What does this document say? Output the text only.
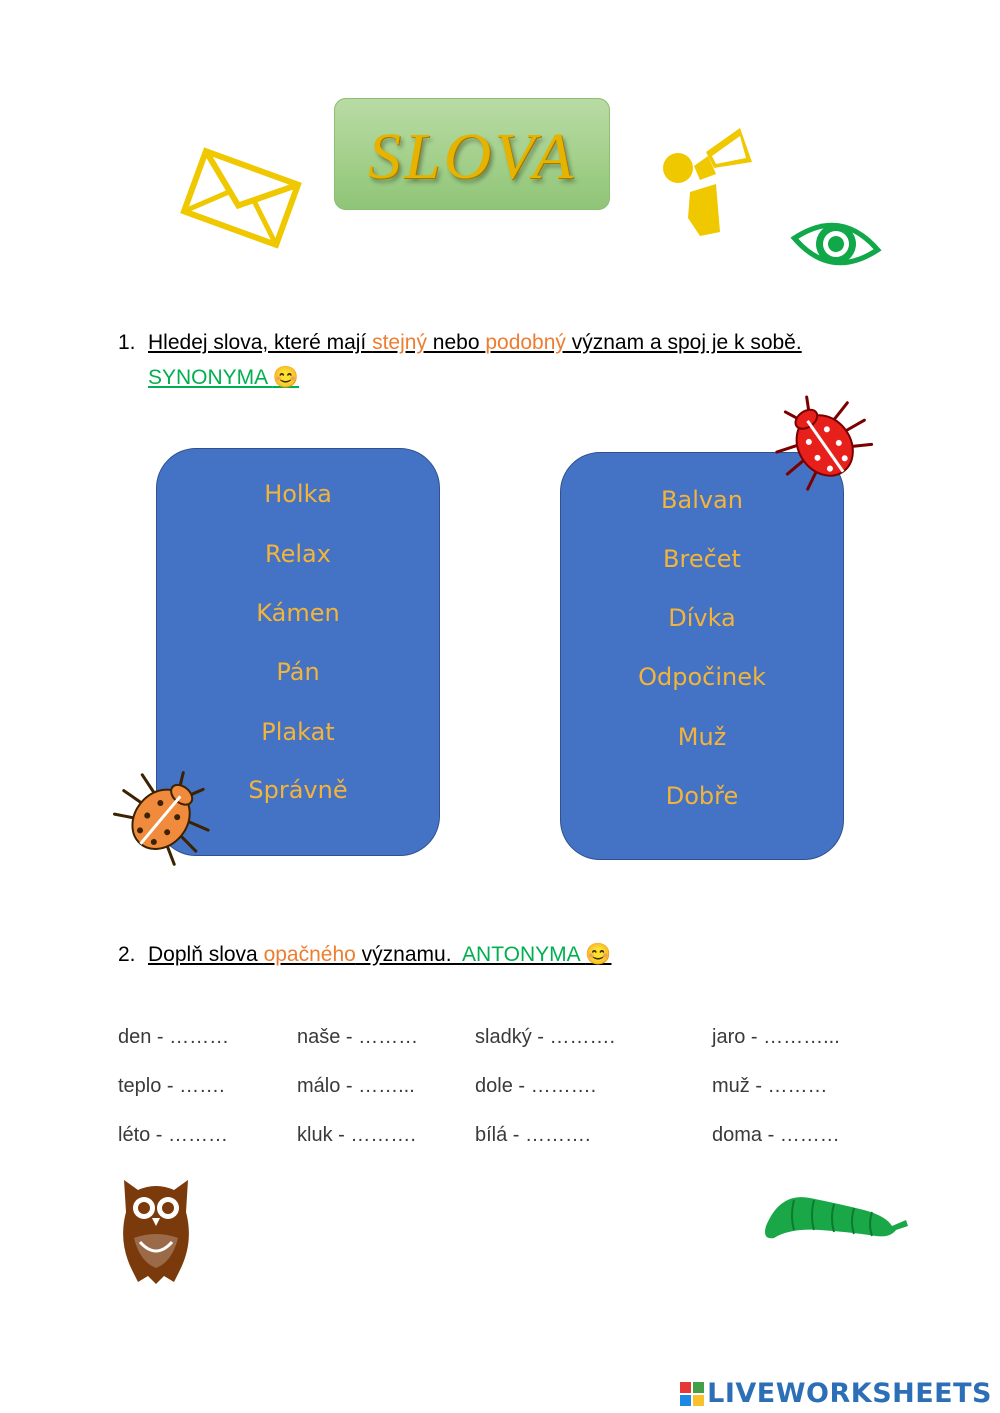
SLOVA
1. Hledej slova, které mají stejný nebo podobný význam a spoj je k sobě.
SYNONYMA 😊
Holka
Relax
Kámen
Pán
Plakat
Správně
Balvan
Brečet
Dívka
Odpočinek
Muž
Dobře
2. Doplň slova opačného významu.  ANTONYMA 😊
den - ………	naše - ………	sladký - ……….	jaro - ………...
teplo - …….	málo - ……...	dole - ……….	muž - ………
léto - ………	kluk - ……….	bílá - ……….	doma - ………
LIVEWORKSHEETS
